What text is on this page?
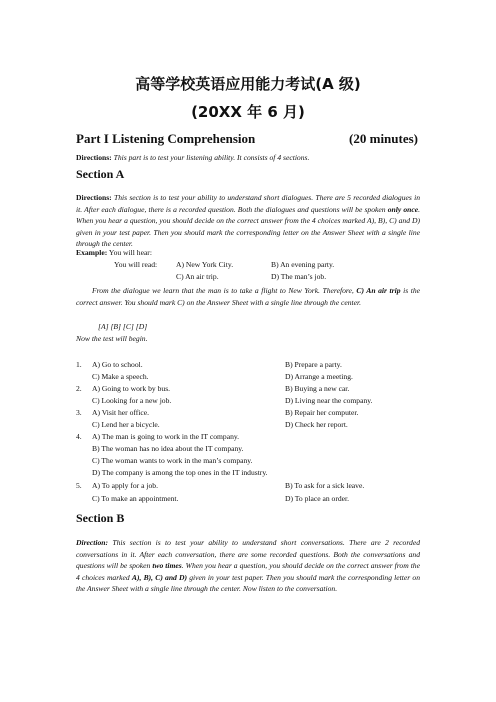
高等学校英语应用能力考试(A 级)
(20XX 年 6 月)
Part I Listening Comprehension	(20 minutes)
Directions: This part is to test your listening ability. It consists of 4 sections.
Section A
Directions: This section is to test your ability to understand short dialogues. There are 5 recorded dialogues in it. After each dialogue, there is a recorded question. Both the dialogues and questions will be spoken only once. When you hear a question, you should decide on the correct answer from the 4 choices marked A), B), C) and D) given in your test paper. Then you should mark the corresponding letter on the Answer Sheet with a single line through the center.
Example: You will hear:
You will read: A) New York City.	B) An evening party.
C) An air trip.	D) The man’s job.
From the dialogue we learn that the man is to take a flight to New York. Therefore, C) An air trip is the correct answer. You should mark C) on the Answer Sheet with a single line through the center.
[A] [B] [C] [D]
Now the test will begin.
1. A) Go to school.	B) Prepare a party.
C) Make a speech.	D) Arrange a meeting.
2. A) Going to work by bus.	B) Buying a new car.
C) Looking for a new job.	D) Living near the company.
3. A) Visit her office.	B) Repair her computer.
C) Lend her a bicycle.	D) Check her report.
4. A) The man is going to work in the IT company.
B) The woman has no idea about the IT company.
C) The woman wants to work in the man’s company.
D) The company is among the top ones in the IT industry.
5. A) To apply for a job.	B) To ask for a sick leave.
C) To make an appointment.	D) To place an order.
Section B
Direction: This section is to test your ability to understand short conversations. There are 2 recorded conversations in it. After each conversation, there are some recorded questions. Both the conversations and questions will be spoken two times. When you hear a question, you should decide on the correct answer from the 4 choices marked A), B), C) and D) given in your test paper. Then you should mark the corresponding letter on the Answer Sheet with a single line through the center. Now listen to the conversation.
